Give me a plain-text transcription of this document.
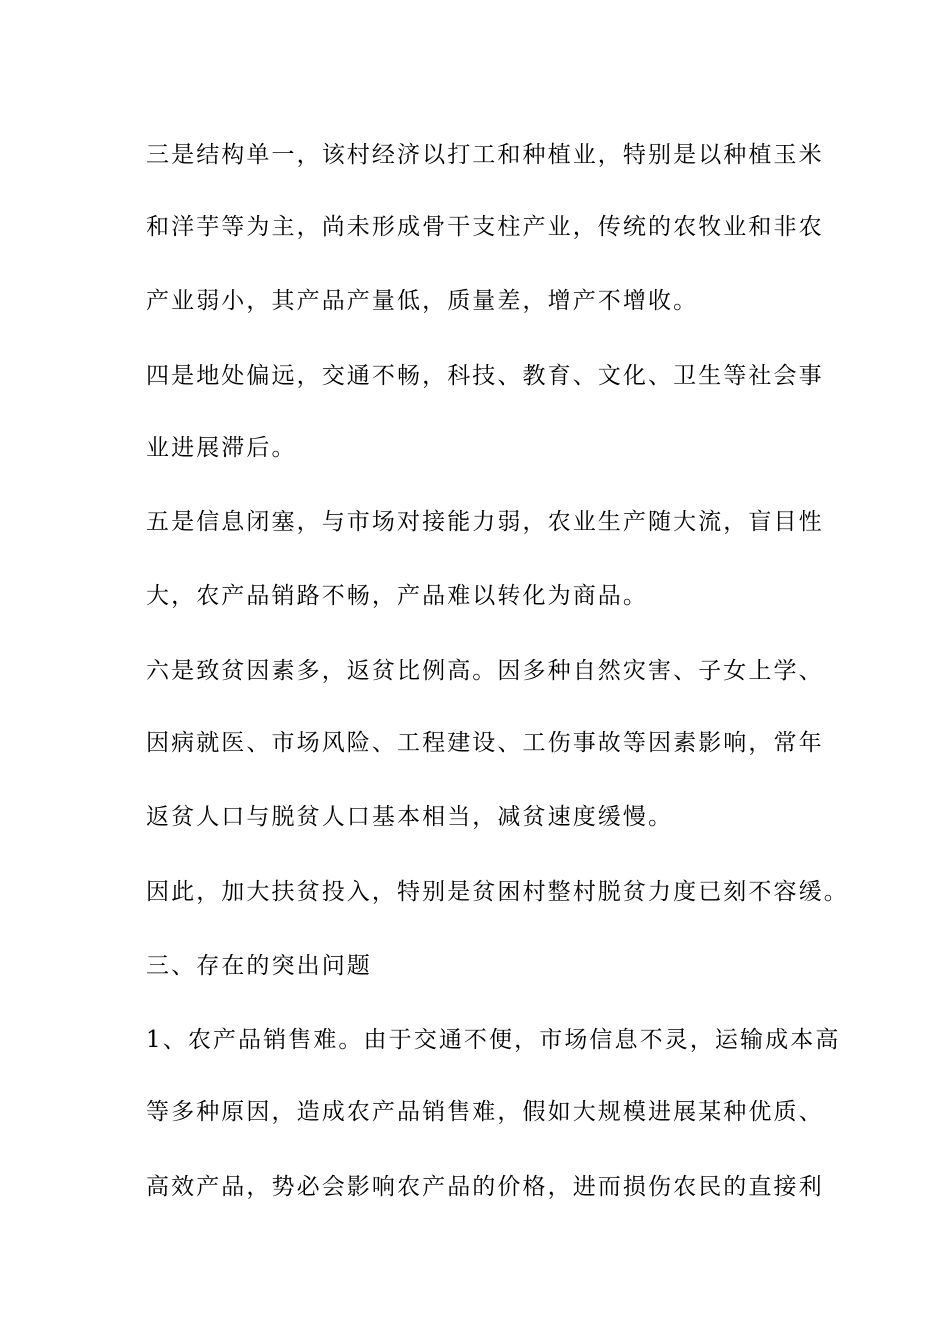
三是结构单一，该村经济以打工和种植业，特别是以种植玉米
和洋芋等为主，尚未形成骨干支柱产业，传统的农牧业和非农
产业弱小，其产品产量低，质量差，增产不增收。
四是地处偏远，交通不畅，科技、教育、文化、卫生等社会事
业进展滞后。
五是信息闭塞，与市场对接能力弱，农业生产随大流，盲目性
大，农产品销路不畅，产品难以转化为商品。
六是致贫因素多，返贫比例高。因多种自然灾害、子女上学、
因病就医、市场风险、工程建设、工伤事故等因素影响，常年
返贫人口与脱贫人口基本相当，减贫速度缓慢。
因此，加大扶贫投入，特别是贫困村整村脱贫力度已刻不容缓。
三、存在的突出问题
1、农产品销售难。由于交通不便，市场信息不灵，运输成本高
等多种原因，造成农产品销售难，假如大规模进展某种优质、
高效产品，势必会影响农产品的价格，进而损伤农民的直接利
